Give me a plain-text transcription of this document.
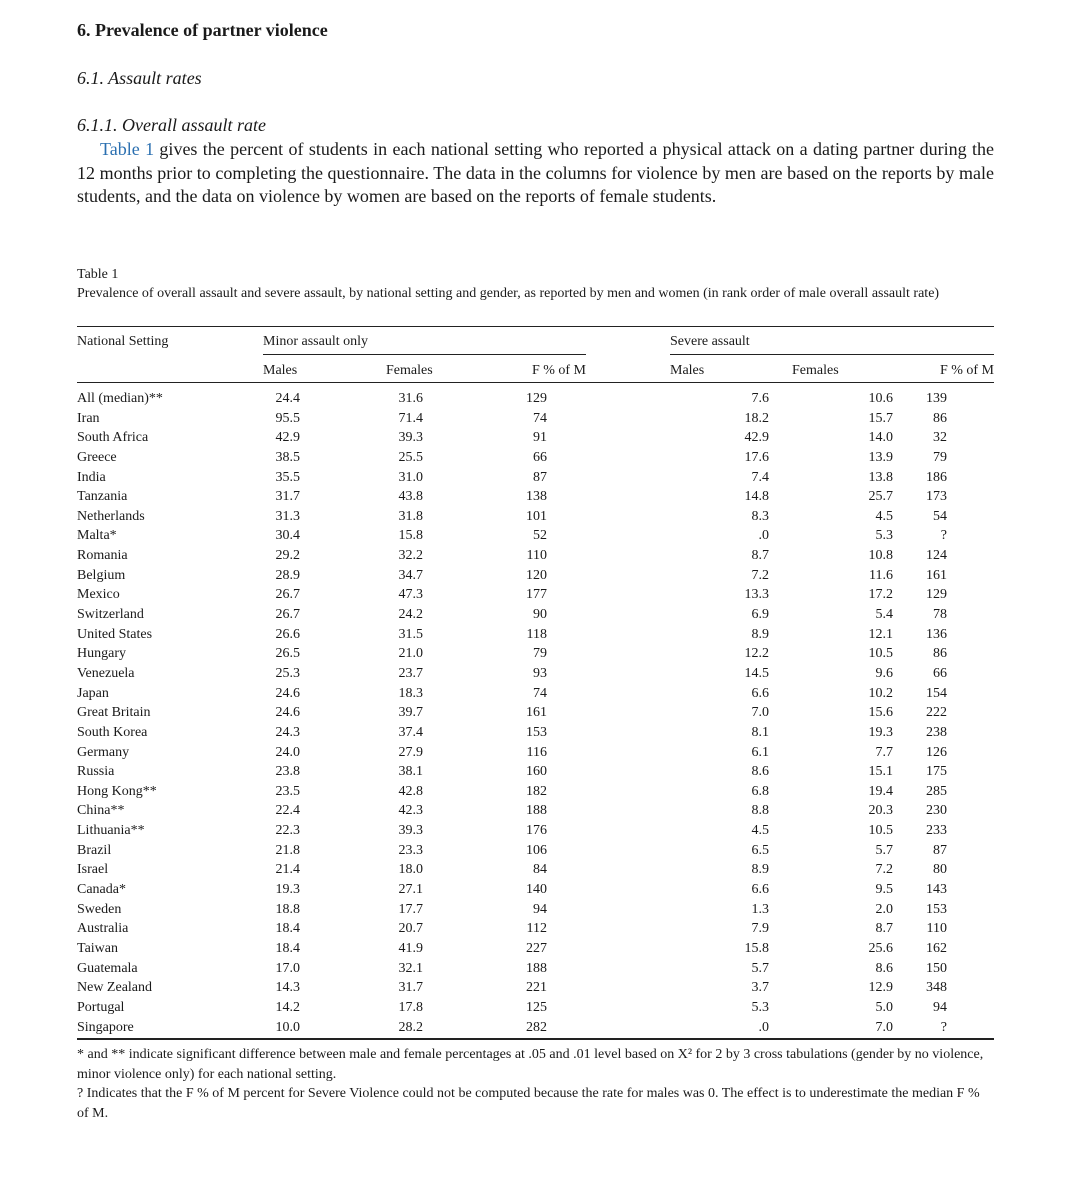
6. Prevalence of partner violence
6.1. Assault rates
6.1.1. Overall assault rate
Table 1 gives the percent of students in each national setting who reported a physical attack on a dating partner during the 12 months prior to completing the questionnaire. The data in the columns for violence by men are based on the reports by male students, and the data on violence by women are based on the reports of female students.
Table 1
Prevalence of overall assault and severe assault, by national setting and gender, as reported by men and women (in rank order of male overall assault rate)
National Setting	Minor assault only	Severe assault
Males	Females	F % of M	Males	Females	F % of M
All (median)**	24.4	31.6	129	7.6	10.6 139
Iran	95.5	71.4	74	18.2	15.7	86
South Africa	42.9	39.3	91	42.9	14.0	32
Greece	38.5	25.5	66	17.6	13.9	79
India	35.5	31.0	87	7.4	13.8 186
Tanzania	31.7	43.8	138	14.8	25.7 173
Netherlands	31.3	31.8	101	8.3	4.5	54
Malta*	30.4	15.8	52	.0	5.3	?
Romania	29.2	32.2	110	8.7	10.8 124
Belgium	28.9	34.7	120	7.2	11.6 161
Mexico	26.7	47.3	177	13.3	17.2 129
Switzerland	26.7	24.2	90	6.9	5.4	78
United States	26.6	31.5	118	8.9	12.1 136
Hungary	26.5	21.0	79	12.2	10.5	86
Venezuela	25.3	23.7	93	14.5	9.6	66
Japan	24.6	18.3	74	6.6	10.2 154
Great Britain	24.6	39.7	161	7.0	15.6 222
South Korea	24.3	37.4	153	8.1	19.3 238
Germany	24.0	27.9	116	6.1	7.7 126
Russia	23.8	38.1	160	8.6	15.1 175
Hong Kong**	23.5	42.8	182	6.8	19.4 285
China**	22.4	42.3	188	8.8	20.3 230
Lithuania**	22.3	39.3	176	4.5	10.5 233
Brazil	21.8	23.3	106	6.5	5.7	87
Israel	21.4	18.0	84	8.9	7.2	80
Canada*	19.3	27.1	140	6.6	9.5 143
Sweden	18.8	17.7	94	1.3	2.0 153
Australia	18.4	20.7	112	7.9	8.7 110
Taiwan	18.4	41.9	227	15.8	25.6 162
Guatemala	17.0	32.1	188	5.7	8.6 150
New Zealand	14.3	31.7	221	3.7	12.9 348
Portugal	14.2	17.8	125	5.3	5.0	94
Singapore	10.0	28.2	282	.0	7.0	?
* and ** indicate significant difference between male and female percentages at .05 and .01 level based on X² for 2 by 3 cross tabulations (gender by no violence, minor violence only) for each national setting.
? Indicates that the F % of M percent for Severe Violence could not be computed because the rate for males was 0. The effect is to underestimate the median F % of M.
